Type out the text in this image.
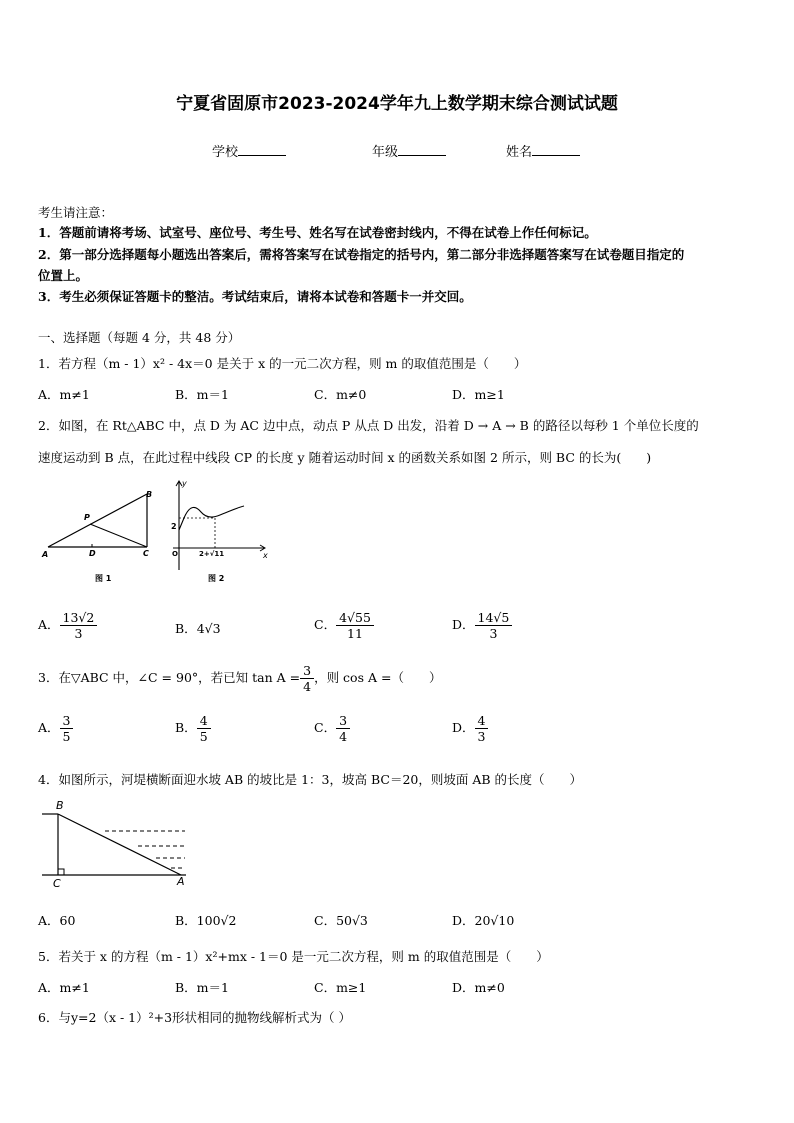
宁夏省固原市2023-2024学年九上数学期末综合测试试题
学校	年级	姓名
考生请注意：
1．答题前请将考场、试室号、座位号、考生号、姓名写在试卷密封线内，不得在试卷上作任何标记。
2．第一部分选择题每小题选出答案后，需将答案写在试卷指定的括号内，第二部分非选择题答案写在试卷题目指定的
位置上。
3．考生必须保证答题卡的整洁。考试结束后，请将本试卷和答题卡一并交回。
一、选择题（每题 4 分，共 48 分）
1．若方程（m - 1）x² - 4x＝0 是关于 x 的一元二次方程，则 m 的取值范围是（　　）
A．m≠1	B．m＝1	C．m≠0	D．m≥1
2．如图，在 Rt△ABC 中，点 D 为 AC 边中点，动点 P 从点 D 出发，沿着 D → A → B 的路径以每秒 1 个单位长度的
速度运动到 B 点，在此过程中线段 CP 的长度 y 随着运动时间 x 的函数关系如图 2 所示，则 BC 的长为(　　)
A
B
C
D
P
图 1
y
x
O
2
2+√11
图 2
A． $\frac{13√2}{3}$	B．4√3	C． $\frac{4√55}{11}$	D． $\frac{14√5}{3}$
3．在▽ABC 中，∠C = 90°，若已知 $\tan A = \frac{3}{4}$ ，则 cos A =（　　）
A． $\frac{3}{5}$	B． $\frac{4}{5}$	C． $\frac{3}{4}$	D． $\frac{4}{3}$
4．如图所示，河堤横断面迎水坡 AB 的坡比是 1：3，坡高 BC＝20，则坡面 AB 的长度（　　）
B
C	A
A．60	B．100√2	C．50√3	D．20√10
5．若关于 x 的方程（m - 1）x²+mx - 1＝0 是一元二次方程，则 m 的取值范围是（　　）
A．m≠1	B．m＝1	C．m≥1	D．m≠0
6．与y=2（x - 1）²+3形状相同的抛物线解析式为（ ）
